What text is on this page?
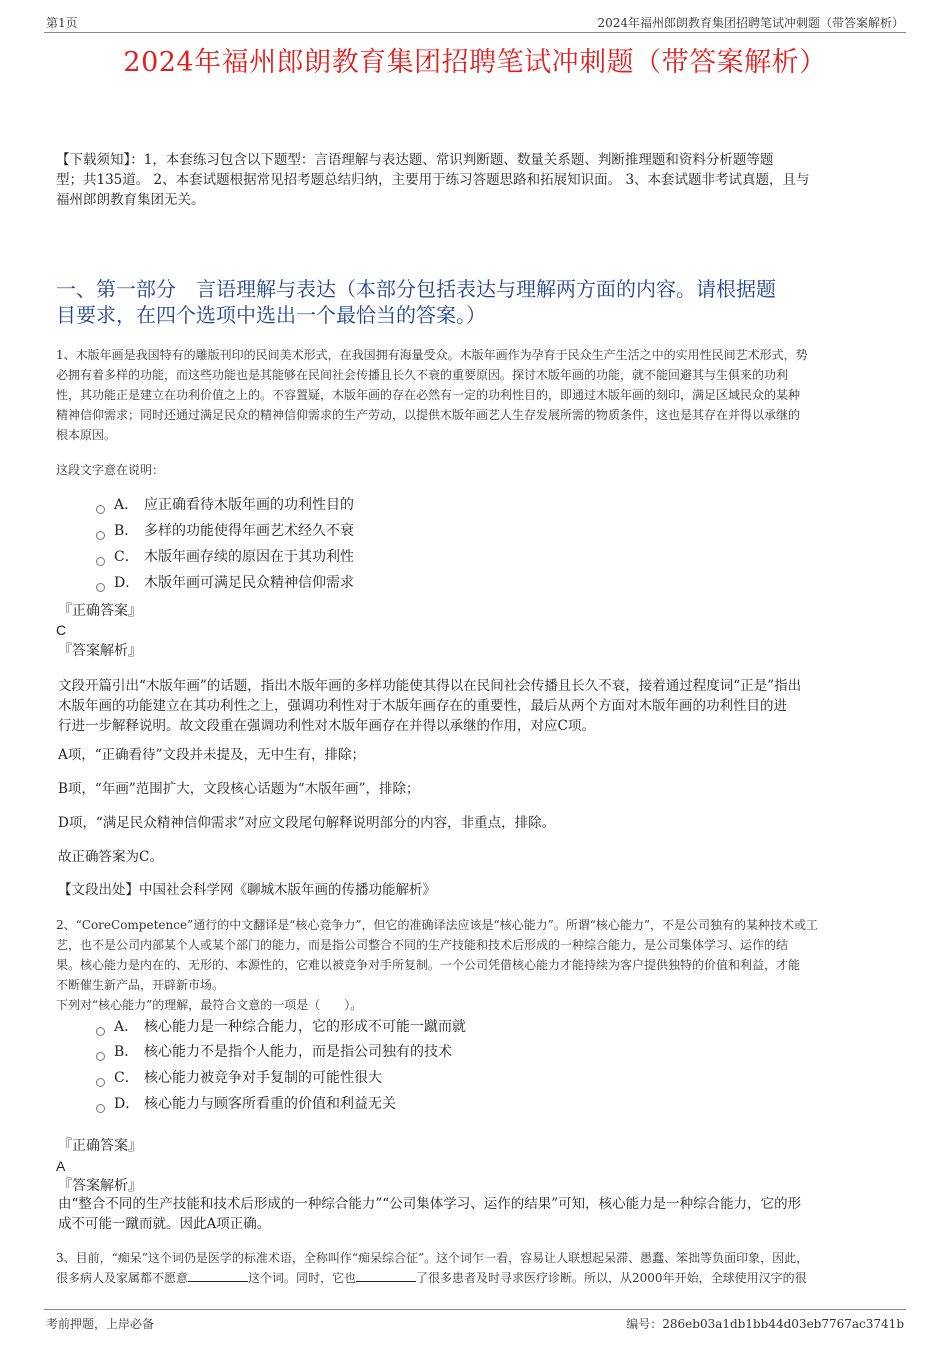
第1页	2024年福州郎朗教育集团招聘笔试冲刺题（带答案解析）
2024年福州郎朗教育集团招聘笔试冲刺题（带答案解析）
【下载须知】：1，本套练习包含以下题型：言语理解与表达题、常识判断题、数量关系题、判断推理题和资料分析题等题
型；共135道。 2、本套试题根据常见招考题总结归纳，主要用于练习答题思路和拓展知识面。 3、本套试题非考试真题，且与
福州郎朗教育集团无关。
一、第一部分　言语理解与表达（本部分包括表达与理解两方面的内容。请根据题
目要求，在四个选项中选出一个最恰当的答案。）
1、木版年画是我国特有的雕版刊印的民间美术形式，在我国拥有海量受众。木版年画作为孕育于民众生产生活之中的实用性民间艺术形式，势
必拥有着多样的功能，而这些功能也是其能够在民间社会传播且长久不衰的重要原因。探讨木版年画的功能，就不能回避其与生俱来的功利
性，其功能正是建立在功利价值之上的。不容置疑，木版年画的存在必然有一定的功利性目的，即通过木版年画的刻印，满足区域民众的某种
精神信仰需求；同时还通过满足民众的精神信仰需求的生产劳动，以提供木版年画艺人生存发展所需的物质条件，这也是其存在并得以承继的
根本原因。
这段文字意在说明：
A． 应正确看待木版年画的功利性目的
B． 多样的功能使得年画艺术经久不衰
C． 木版年画存续的原因在于其功利性
D． 木版年画可满足民众精神信仰需求
『正确答案』
C
『答案解析』
文段开篇引出“木版年画”的话题，指出木版年画的多样功能使其得以在民间社会传播且长久不衰，接着通过程度词“正是”指出
木版年画的功能建立在其功利性之上，强调功利性对于木版年画存在的重要性，最后从两个方面对木版年画的功利性目的进
行进一步解释说明。故文段重在强调功利性对木版年画存在并得以承继的作用，对应C项。
A项，“正确看待”文段并未提及，无中生有，排除；
B项，“年画”范围扩大，文段核心话题为“木版年画”，排除；
D项，“满足民众精神信仰需求”对应文段尾句解释说明部分的内容，非重点，排除。
故正确答案为C。
【文段出处】中国社会科学网《聊城木版年画的传播功能解析》
2、“CoreCompetence”通行的中文翻译是“核心竞争力”，但它的准确译法应该是“核心能力”。所谓“核心能力”，不是公司独有的某种技术或工
艺，也不是公司内部某个人或某个部门的能力，而是指公司整合不同的生产技能和技术后形成的一种综合能力，是公司集体学习、运作的结
果。核心能力是内在的、无形的、本源性的，它难以被竞争对手所复制。一个公司凭借核心能力才能持续为客户提供独特的价值和利益，才能
不断催生新产品，开辟新市场。
下列对“核心能力”的理解，最符合文意的一项是（　　）。
A． 核心能力是一种综合能力，它的形成不可能一蹴而就
B． 核心能力不是指个人能力，而是指公司独有的技术
C． 核心能力被竞争对手复制的可能性很大
D． 核心能力与顾客所看重的价值和利益无关
『正确答案』
A
『答案解析』
由“整合不同的生产技能和技术后形成的一种综合能力”“公司集体学习、运作的结果”可知，核心能力是一种综合能力，它的形
成不可能一蹴而就。因此A项正确。
3、目前，“痴呆”这个词仍是医学的标准术语，全称叫作“痴呆综合征”。这个词乍一看，容易让人联想起呆滞、愚蠢、笨拙等负面印象，因此，
很多病人及家属都不愿意	这个词。同时，它也	了很多患者及时寻求医疗诊断。所以，从2000年开始，全球使用汉字的很
考前押题，上岸必备	编号：286eb03a1db1bb44d03eb7767ac3741b
